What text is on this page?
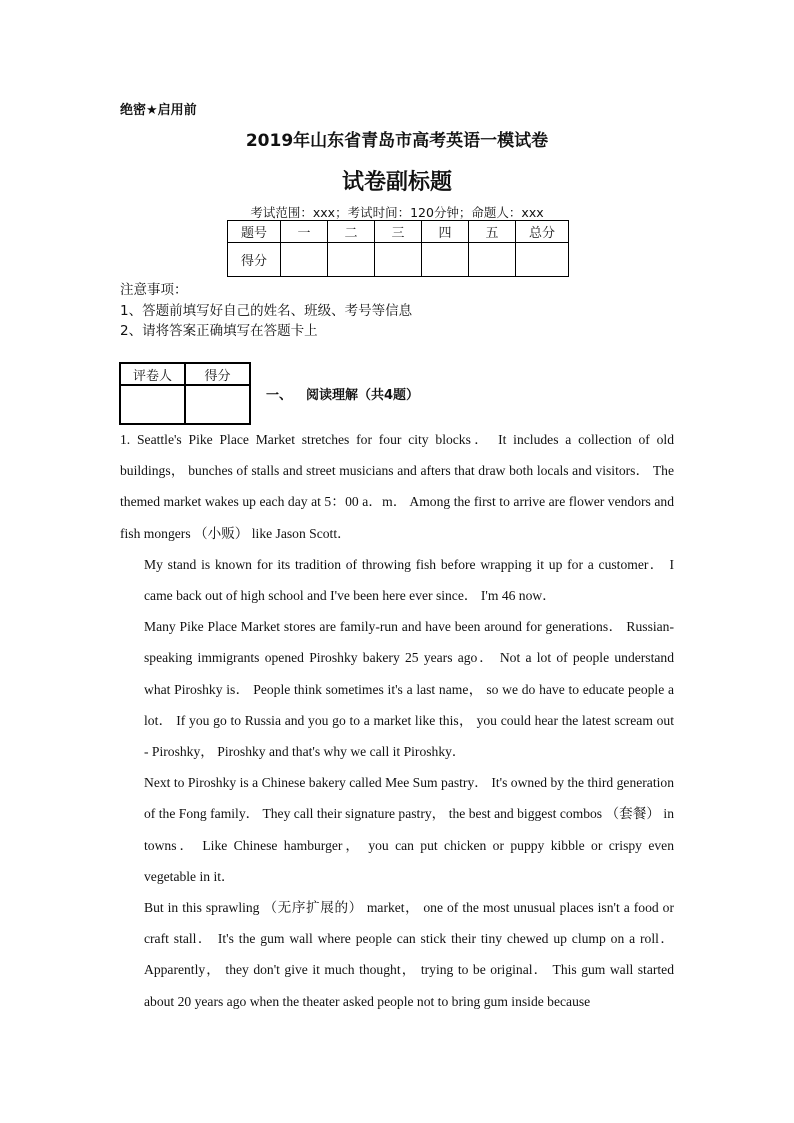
绝密★启用前
2019年山东省青岛市高考英语一模试卷
试卷副标题
考试范围：xxx；考试时间：120分钟；命题人：xxx
题号	一	二	三	四	五	总分
得分						
注意事项：
1、答题前填写好自己的姓名、班级、考号等信息
2、请将答案正确填写在答题卡上
评卷人	得分

一、 阅读理解（共4题）

1. Seattle's Pike Place Market stretches for four city blocks． It includes a collection of old buildings， bunches of stalls and street musicians and afters that draw both locals and visitors． The themed market wakes up each day at 5：00 a．m． Among the first to arrive are flower vendors and fish mongers （小贩） like Jason Scott．

My stand is known for its tradition of throwing fish before wrapping it up for a customer． I came back out of high school and I've been here ever since． I'm 46 now．

Many Pike Place Market stores are family-run and have been around for generations． Russian-speaking immigrants opened Piroshky bakery 25 years ago． Not a lot of people understand what Piroshky is． People think sometimes it's a last name， so we do have to educate people a lot． If you go to Russia and you go to a market like this， you could hear the latest scream out - Piroshky， Piroshky and that's why we call it Piroshky．

Next to Piroshky is a Chinese bakery called Mee Sum pastry． It's owned by the third generation of the Fong family． They call their signature pastry， the best and biggest combos （套餐） in towns． Like Chinese hamburger， you can put chicken or puppy kibble or crispy even vegetable in it．

But in this sprawling （无序扩展的） market， one of the most unusual places isn't a food or craft stall． It's the gum wall where people can stick their tiny chewed up clump on a roll． Apparently， they don't give it much thought， trying to be original． This gum wall started about 20 years ago when the theater asked people not to bring gum inside because
